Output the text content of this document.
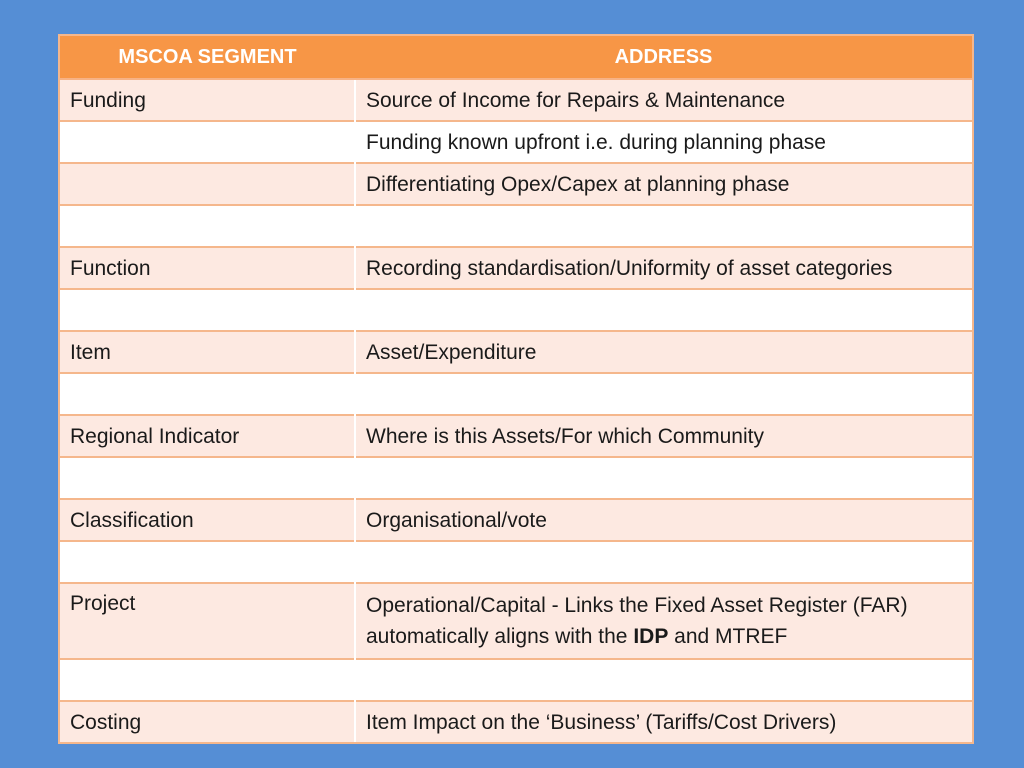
MSCOA SEGMENT	ADDRESS
Funding	Source of Income for Repairs & Maintenance
	Funding known upfront i.e. during planning phase
	Differentiating Opex/Capex at planning phase

Function	Recording standardisation/Uniformity of asset categories

Item	Asset/Expenditure

Regional Indicator	Where is this Assets/For which Community

Classification	Organisational/vote

Project	Operational/Capital - Links the Fixed Asset Register (FAR)
automatically aligns with the IDP and MTREF

Costing	Item Impact on the ‘Business’ (Tariffs/Cost Drivers)
